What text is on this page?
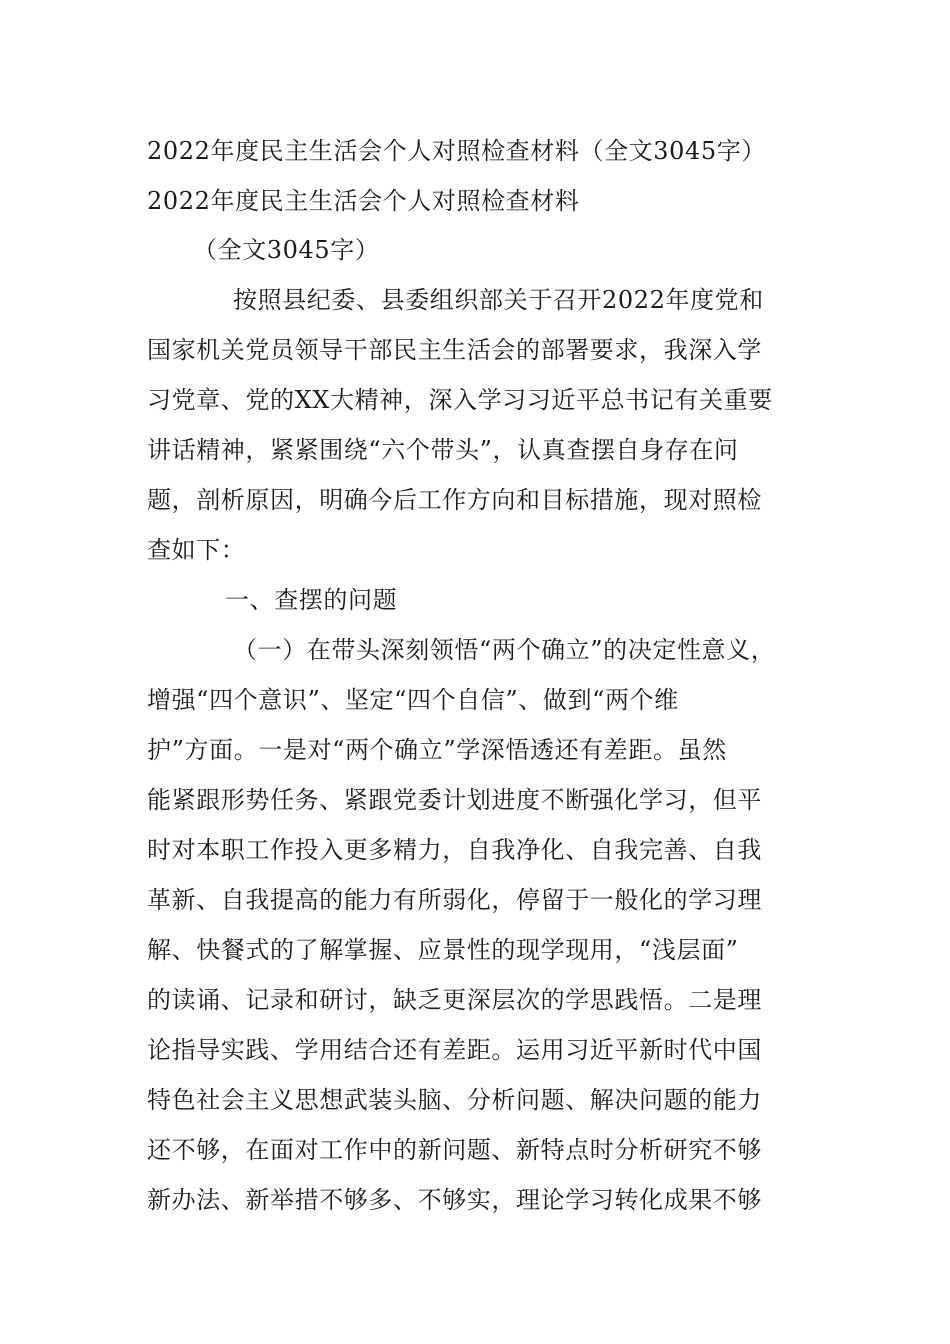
2022年度民主生活会个人对照检查材料（全文3045字）
2022年度民主生活会个人对照检查材料
（全文3045字）
按照县纪委、县委组织部关于召开2022年度党和
国家机关党员领导干部民主生活会的部署要求，我深入学
习党章、党的XX大精神，深入学习习近平总书记有关重要
讲话精神，紧紧围绕“六个带头”，认真查摆自身存在问
题，剖析原因，明确今后工作方向和目标措施，现对照检
查如下：
一、查摆的问题
（一）在带头深刻领悟“两个确立”的决定性意义，
增强“四个意识”、坚定“四个自信”、做到“两个维
护”方面。一是对“两个确立”学深悟透还有差距。虽然
能紧跟形势任务、紧跟党委计划进度不断强化学习，但平
时对本职工作投入更多精力，自我净化、自我完善、自我
革新、自我提高的能力有所弱化，停留于一般化的学习理
解、快餐式的了解掌握、应景性的现学现用，“浅层面”
的读诵、记录和研讨，缺乏更深层次的学思践悟。二是理
论指导实践、学用结合还有差距。运用习近平新时代中国
特色社会主义思想武装头脑、分析问题、解决问题的能力
还不够，在面对工作中的新问题、新特点时分析研究不够
新办法、新举措不够多、不够实，理论学习转化成果不够
